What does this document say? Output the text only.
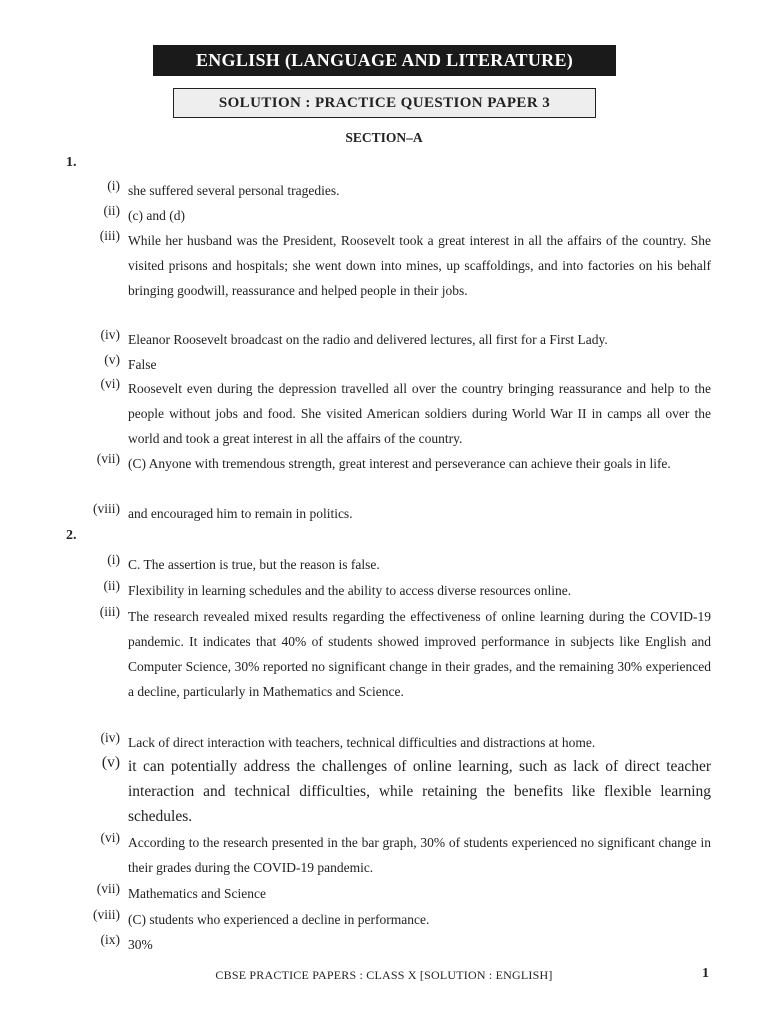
ENGLISH (LANGUAGE AND LITERATURE)
SOLUTION : PRACTICE QUESTION PAPER 3
SECTION–A
1.
(i) she suffered several personal tragedies.
(ii) (c) and (d)
(iii) While her husband was the President, Roosevelt took a great interest in all the affairs of the country. She visited prisons and hospitals; she went down into mines, up scaffoldings, and into factories on his behalf bringing goodwill, reassurance and helped people in their jobs.
(iv) Eleanor Roosevelt broadcast on the radio and delivered lectures, all first for a First Lady.
(v) False
(vi) Roosevelt even during the depression travelled all over the country bringing reassurance and help to the people without jobs and food. She visited American soldiers during World War II in camps all over the world and took a great interest in all the affairs of the country.
(vii) (C) Anyone with tremendous strength, great interest and perseverance can achieve their goals in life.
(viii) and encouraged him to remain in politics.
2.
(i) C. The assertion is true, but the reason is false.
(ii) Flexibility in learning schedules and the ability to access diverse resources online.
(iii) The research revealed mixed results regarding the effectiveness of online learning during the COVID-19 pandemic. It indicates that 40% of students showed improved performance in subjects like English and Computer Science, 30% reported no significant change in their grades, and the remaining 30% experienced a decline, particularly in Mathematics and Science.
(iv) Lack of direct interaction with teachers, technical difficulties and distractions at home.
(v) it can potentially address the challenges of online learning, such as lack of direct teacher interaction and technical difficulties, while retaining the benefits like flexible learning schedules.
(vi) According to the research presented in the bar graph, 30% of students experienced no significant change in their grades during the COVID-19 pandemic.
(vii) Mathematics and Science
(viii) (C) students who experienced a decline in performance.
(ix) 30%
CBSE PRACTICE PAPERS : CLASS X [SOLUTION : ENGLISH]	1
